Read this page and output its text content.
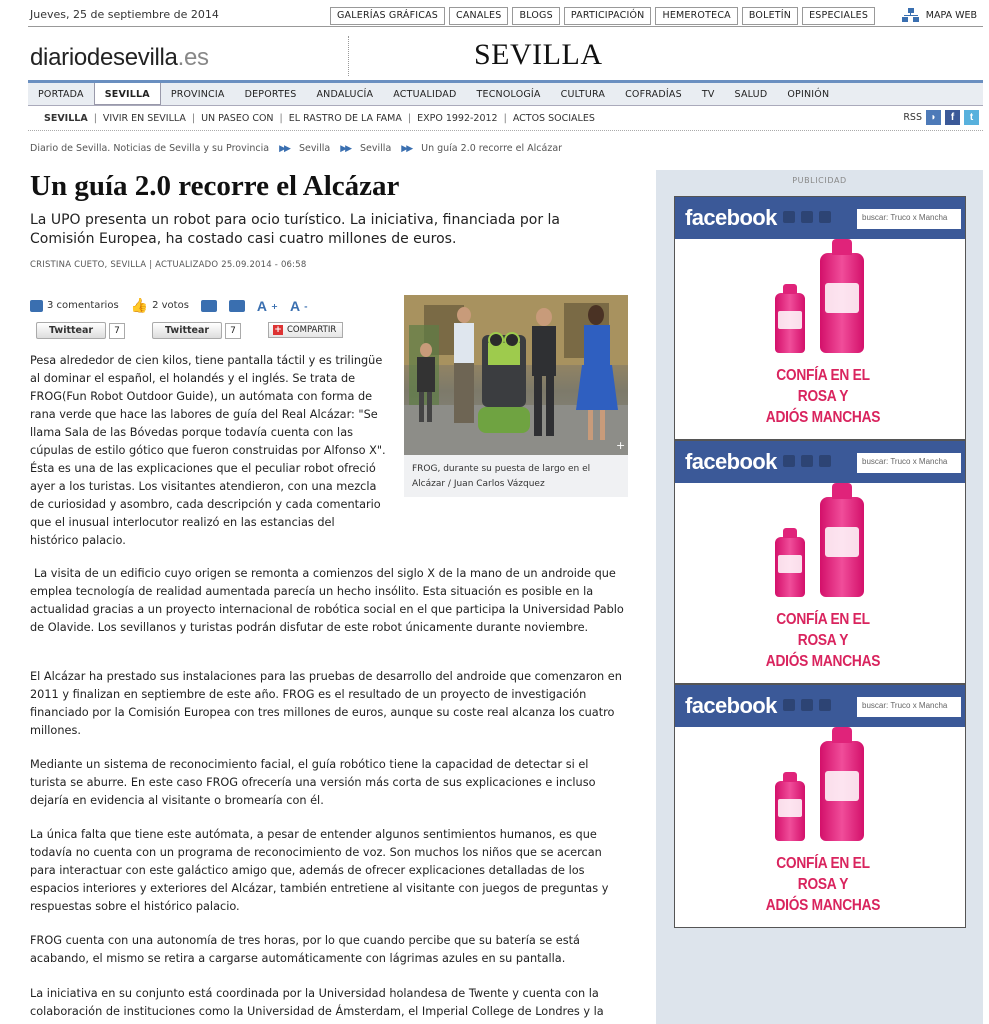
Jueves, 25 de septiembre de 2014	GALERÍAS GRÁFICAS	CANALES	BLOGS	PARTICIPACIÓN	HEMEROTECA	BOLETÍN	ESPECIALES	MAPA WEB
diariodesevilla.es	SEVILLA
PORTADA	SEVILLA	PROVINCIA	DEPORTES	ANDALUCÍA	ACTUALIDAD	TECNOLOGÍA	CULTURA	COFRADÍAS	TV	SALUD	OPINIÓN
SEVILLA | VIVIR EN SEVILLA | UN PASEO CON | EL RASTRO DE LA FAMA | EXPO 1992-2012 | ACTOS SOCIALES	RSS ◗	f	t
Diario de Sevilla. Noticias de Sevilla y su Provincia ▶▶ Sevilla ▶▶ Sevilla ▶▶ Un guía 2.0 recorre el Alcázar
Un guía 2.0 recorre el Alcázar

La UPO presenta un robot para ocio turístico. La iniciativa, financiada por la Comisión Europea, ha costado casi cuatro millones de euros.

CRISTINA CUETO, SEVILLA | ACTUALIZADO 25.09.2014 - 06:58
3 comentarios 👍 2 votos	A + A -
Twittear	7	Twittear	7	+ COMPARTIR
+
FROG, durante su puesta de largo en el Alcázar / Juan Carlos Vázquez

Pesa alrededor de cien kilos, tiene pantalla táctil y es trilingüe al dominar el español, el holandés y el inglés. Se trata de FROG(Fun Robot Outdoor Guide), un autómata con forma de rana verde que hace las labores de guía del Real Alcázar: "Se llama Sala de las Bóvedas porque todavía cuenta con las cúpulas de estilo gótico que fueron construidas por Alfonso X". Ésta es una de las explicaciones que el peculiar robot ofreció ayer a los turistas. Los visitantes atendieron, con una mezcla de curiosidad y asombro, cada descripción y cada comentario que el inusual interlocutor realizó en las estancias del histórico palacio.

La visita de un edificio cuyo origen se remonta a comienzos del siglo X de la mano de un androide que emplea tecnología de realidad aumentada parecía un hecho insólito. Esta situación es posible en la actualidad gracias a un proyecto internacional de robótica social en el que participa la Universidad Pablo de Olavide. Los sevillanos y turistas podrán disfutar de este robot únicamente durante noviembre.

El Alcázar ha prestado sus instalaciones para las pruebas de desarrollo del androide que comenzaron en 2011 y finalizan en septiembre de este año. FROG es el resultado de un proyecto de investigación financiado por la Comisión Europea con tres millones de euros, aunque su coste real alcanza los cuatro millones.

Mediante un sistema de reconocimiento facial, el guía robótico tiene la capacidad de detectar si el turista se aburre. En este caso FROG ofrecería una versión más corta de sus explicaciones e incluso dejaría en evidencia al visitante o bromearía con él.

La única falta que tiene este autómata, a pesar de entender algunos sentimientos humanos, es que todavía no cuenta con un programa de reconocimiento de voz. Son muchos los niños que se acercan para interactuar con este galáctico amigo que, además de ofrecer explicaciones detalladas de los espacios interiores y exteriores del Alcázar, también entretiene al visitante con juegos de preguntas y respuestas sobre el histórico palacio.

FROG cuenta con una autonomía de tres horas, por lo que cuando percibe que su batería se está acabando, el mismo se retira a cargarse automáticamente con lágrimas azules en su pantalla.

La iniciativa en su conjunto está coordinada por la Universidad holandesa de Twente y cuenta con la colaboración de instituciones como la Universidad de Ámsterdam, el Imperial College de Londres y la

PUBLICIDAD
facebook	buscar: Truco x Mancha
CONFÍA EN EL ROSA Y
ADIÓS MANCHAS
facebook	buscar: Truco x Mancha
CONFÍA EN EL ROSA Y
ADIÓS MANCHAS
facebook	buscar: Truco x Mancha
CONFÍA EN EL ROSA Y
ADIÓS MANCHAS
